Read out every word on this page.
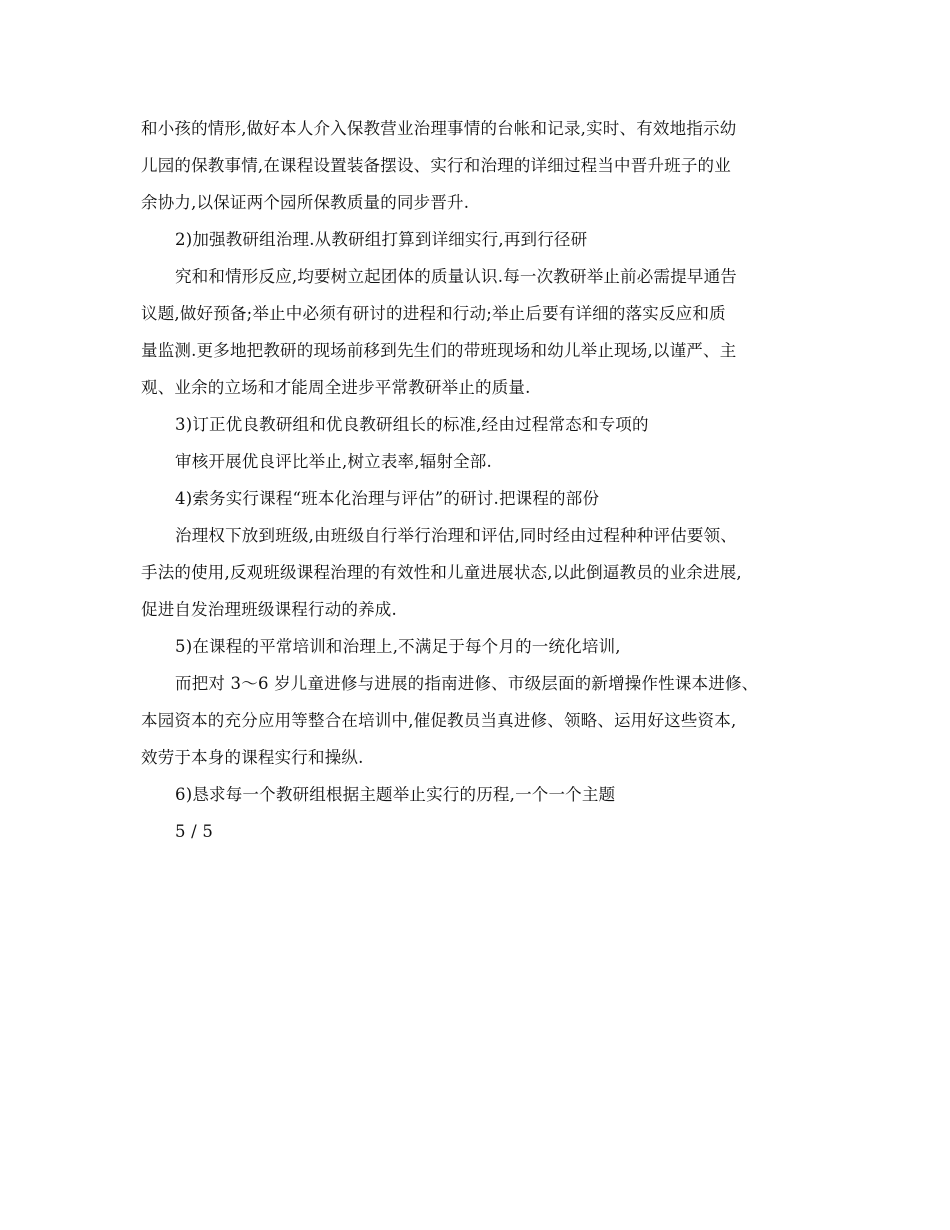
和小孩的情形,做好本人介入保教营业治理事情的台帐和记录,实时、有效地指示幼
儿园的保教事情,在课程设置装备摆设、实行和治理的详细过程当中晋升班子的业
余协力,以保证两个园所保教质量的同步晋升.
2)加强教研组治理.从教研组打算到详细实行,再到行径研
究和和情形反应,均要树立起团体的质量认识.每一次教研举止前必需提早通告
议题,做好预备;举止中必须有研讨的进程和行动;举止后要有详细的落实反应和质
量监测.更多地把教研的现场前移到先生们的带班现场和幼儿举止现场,以谨严、主
观、业余的立场和才能周全进步平常教研举止的质量.
3)订正优良教研组和优良教研组长的标准,经由过程常态和专项的
审核开展优良评比举止,树立表率,辐射全部.
4)索务实行课程“班本化治理与评估”的研讨.把课程的部份
治理权下放到班级,由班级自行举行治理和评估,同时经由过程种种评估要领、
手法的使用,反观班级课程治理的有效性和儿童进展状态,以此倒逼教员的业余进展,
促进自发治理班级课程行动的养成.
5)在课程的平常培训和治理上,不满足于每个月的一统化培训,
而把对 3～6 岁儿童进修与进展的指南进修、市级层面的新增操作性课本进修、
本园资本的充分应用等整合在培训中,催促教员当真进修、领略、运用好这些资本,
效劳于本身的课程实行和操纵.
6)恳求每一个教研组根据主题举止实行的历程,一个一个主题
5 / 5
